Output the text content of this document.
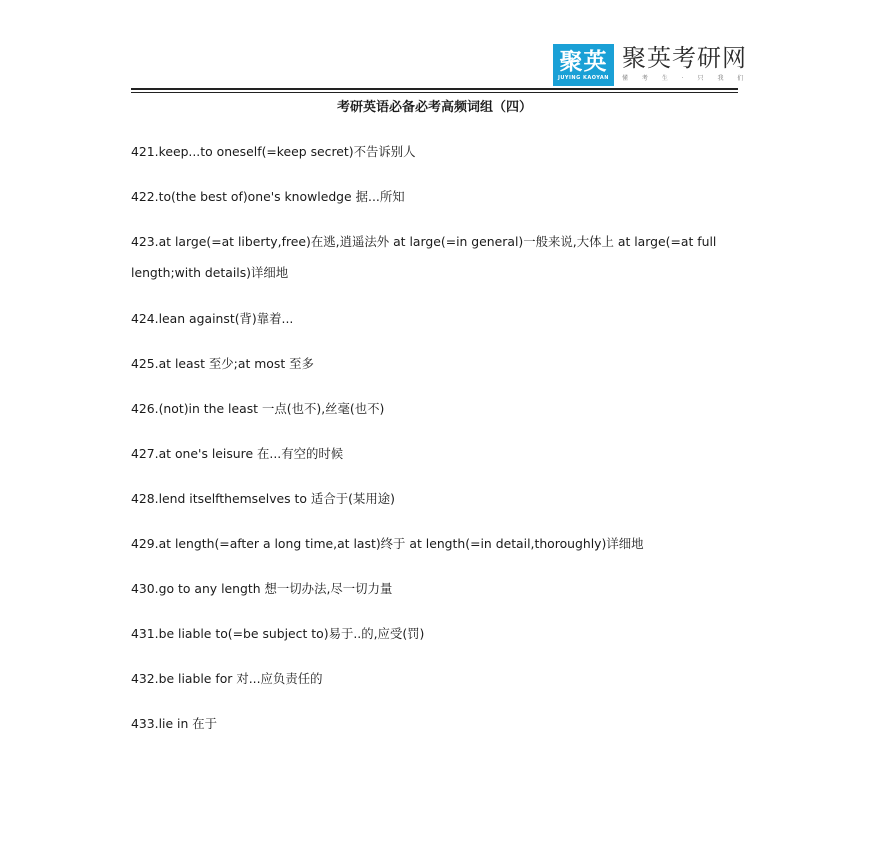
聚英
JUYING KAOYAN
聚英考研网
懂 考 生 · 只 我 们
考研英语必备必考高频词组（四）
421.keep...to oneself(=keep secret)不告诉别人
422.to(the best of)one's knowledge 据...所知
423.at large(=at liberty,free)在逃,逍遥法外 at large(=in general)一般来说,大体上 at large(=at full length;with details)详细地
424.lean against(背)靠着...
425.at least 至少;at most 至多
426.(not)in the least 一点(也不),丝毫(也不)
427.at one's leisure 在...有空的时候
428.lend itselfthemselves to 适合于(某用途)
429.at length(=after a long time,at last)终于 at length(=in detail,thoroughly)详细地
430.go to any length 想一切办法,尽一切力量
431.be liable to(=be subject to)易于..的,应受(罚)
432.be liable for 对...应负责任的
433.lie in 在于
